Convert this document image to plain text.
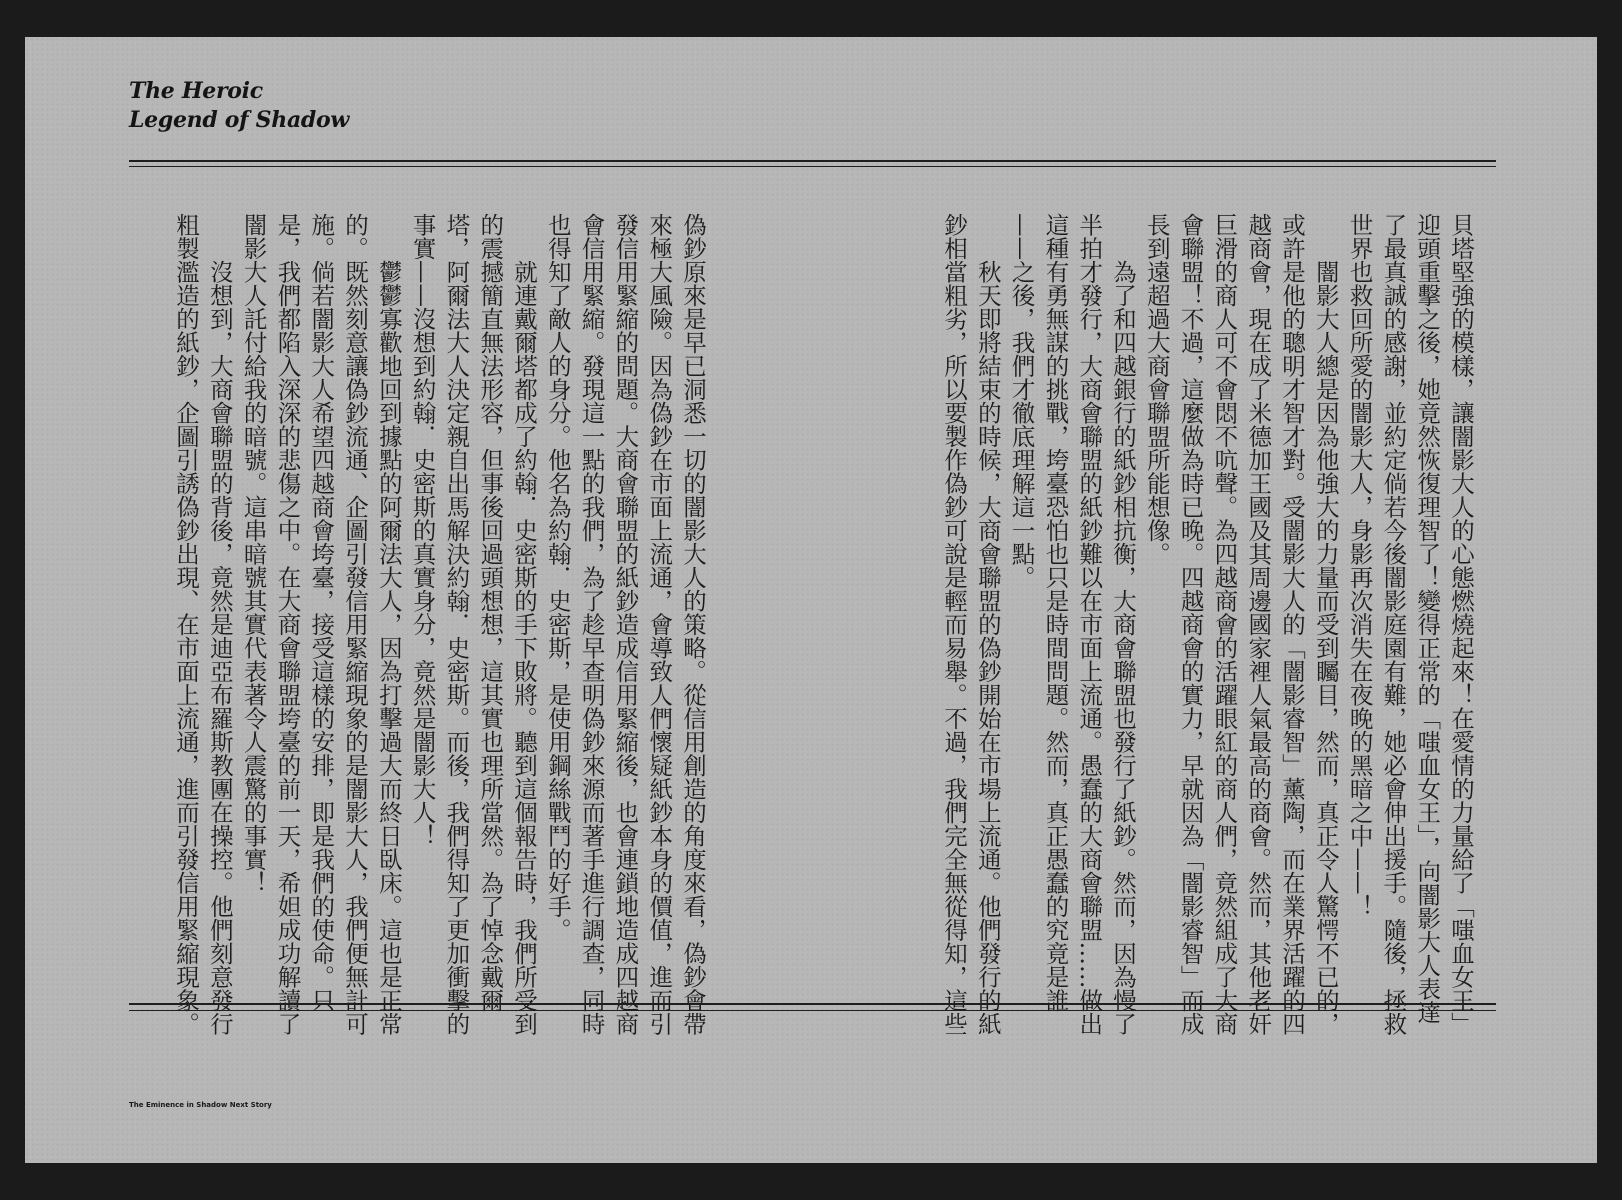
The Heroic
Legend of Shadow

貝塔堅強的模樣，讓闇影大人的心態燃燒起來！在愛情的力量給了「嗤血女王」迎頭重擊之後，她竟然恢復理智了！變得正常的「嗤血女王」，向闇影大人表達了最真誠的感謝，並約定倘若今後闇影庭園有難，她必會伸出援手。隨後，拯救世界也救回所愛的闇影大人，身影再次消失在夜晚的黑暗之中——！

闇影大人總是因為他強大的力量而受到矚目，然而，真正令人驚愕不已的，或許是他的聰明才智才對。受闇影大人的「闇影睿智」薰陶，而在業界活躍的四越商會，現在成了米德加王國及其周邊國家裡人氣最高的商會。然而，其他老奸巨滑的商人可不會悶不吭聲。為四越商會的活躍眼紅的商人們，竟然組成了大商會聯盟！不過，這麼做為時已晚。四越商會的實力，早就因為「闇影睿智」而成長到遠超過大商會聯盟所能想像。

為了和四越銀行的紙鈔相抗衡，大商會聯盟也發行了紙鈔。然而，因為慢了半拍才發行，大商會聯盟的紙鈔難以在市面上流通。愚蠢的大商會聯盟……做出這種有勇無謀的挑戰，垮臺恐怕也只是時間問題。然而，真正愚蠢的究竟是誰——之後，我們才徹底理解這一點。

秋天即將結束的時候，大商會聯盟的偽鈔開始在市場上流通。他們發行的紙鈔相當粗劣，所以要製作偽鈔可說是輕而易舉。不過，我們完全無從得知，這些

偽鈔原來是早已洞悉一切的闇影大人的策略。從信用創造的角度來看，偽鈔會帶來極大風險。因為偽鈔在市面上流通，會導致人們懷疑紙鈔本身的價值，進而引發信用緊縮的問題。大商會聯盟的紙鈔造成信用緊縮後，也會連鎖地造成四越商會信用緊縮。發現這一點的我們，為了趁早查明偽鈔來源而著手進行調查，同時也得知了敵人的身分。他名為約翰．史密斯，是使用鋼絲戰鬥的好手。

就連戴爾塔都成了約翰．史密斯的手下敗將。聽到這個報告時，我們所受到的震撼簡直無法形容，但事後回過頭想想，這其實也理所當然。為了悼念戴爾塔，阿爾法大人決定親自出馬解決約翰．史密斯。而後，我們得知了更加衝擊的事實——沒想到約翰．史密斯的真實身分，竟然是闇影大人！

鬱鬱寡歡地回到據點的阿爾法大人，因為打擊過大而終日臥床。這也是正常的。既然刻意讓偽鈔流通、企圖引發信用緊縮現象的是闇影大人，我們便無計可施。倘若闇影大人希望四越商會垮臺，接受這樣的安排，即是我們的使命。只是，我們都陷入深深的悲傷之中。在大商會聯盟垮臺的前一天，希妲成功解讀了闇影大人託付給我的暗號。這串暗號其實代表著令人震驚的事實！

沒想到，大商會聯盟的背後，竟然是迪亞布羅斯教團在操控。他們刻意發行粗製濫造的紙鈔，企圖引誘偽鈔出現、在市面上流通，進而引發信用緊縮現象。

The Eminence in Shadow Next Story
